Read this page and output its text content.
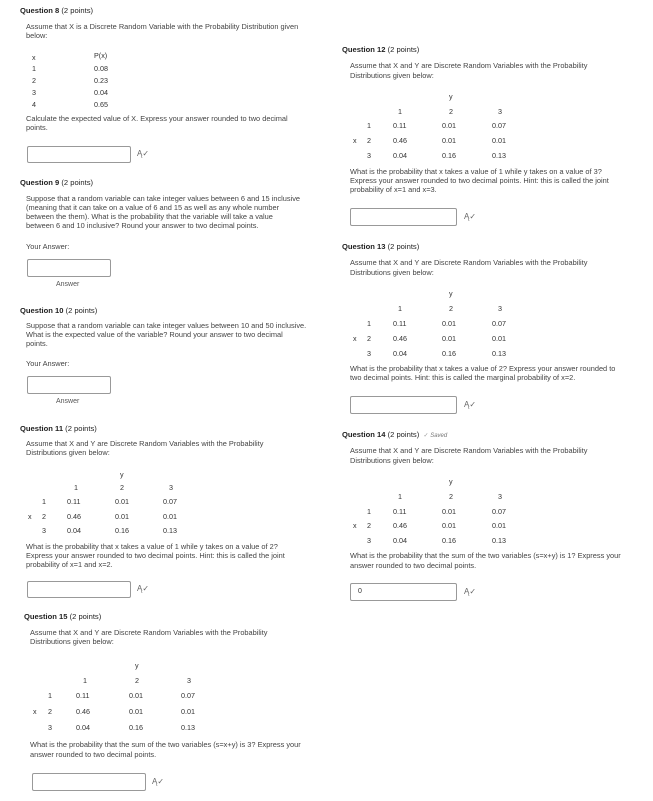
Question 8 (2 points)
Assume that X is a Discrete Random Variable with the Probability Distribution given
below:
x	P(x)
1	0.08
2	0.23
3	0.04
4	0.65
Calculate the expected value of X. Express your answer rounded to two decimal
points.
Ą✓
Question 9 (2 points)
Suppose that a random variable can take integer values between 6 and 15 inclusive
(meaning that it can take on a value of 6 and 15 as well as any whole number
between the them). What is the probability that the variable will take a value
between 6 and 10 inclusive? Round your answer to two decimal points.
Your Answer:
Answer
Question 10 (2 points)
Suppose that a random variable can take integer values between 10 and 50 inclusive.
What is the expected value of the variable? Round your answer to two decimal
points.
Your Answer:
Answer
Question 11 (2 points)
Assume that X and Y are Discrete Random Variables with the Probability
Distributions given below:
y
1	2	3
1	0.11	0.01	0.07
x 2	0.46	0.01	0.01
3	0.04	0.16	0.13
What is the probability that x takes a value of 1 while y takes on a value of 2?
Express your answer rounded to two decimal points. Hint: this is called the joint
probability of x=1 and x=2.
Ą✓
Question 15 (2 points)
Assume that X and Y are Discrete Random Variables with the Probability
Distributions given below:
y
1	2	3
1	0.11	0.01	0.07
x 2	0.46	0.01	0.01
3	0.04	0.16	0.13
What is the probability that the sum of the two variables (s=x+y) is 3? Express your
answer rounded to two decimal points.
Ą✓
Question 12 (2 points)
Assume that X and Y are Discrete Random Variables with the Probability
Distributions given below:
y
1	2	3
1	0.11	0.01	0.07
x 2	0.46	0.01	0.01
3	0.04	0.16	0.13
What is the probability that x takes a value of 1 while y takes on a value of 3?
Express your answer rounded to two decimal points. Hint: this is called the joint
probability of x=1 and x=3.
Ą✓
Question 13 (2 points)
Assume that X and Y are Discrete Random Variables with the Probability
Distributions given below:
y
1	2	3
1	0.11	0.01	0.07
x 2	0.46	0.01	0.01
3	0.04	0.16	0.13
What is the probability that x takes a value of 2? Express your answer rounded to
two decimal points. Hint: this is called the marginal probability of x=2.
Ą✓
Question 14 (2 points) ✓ Saved
Assume that X and Y are Discrete Random Variables with the Probability
Distributions given below:
y
1	2	3
1	0.11	0.01	0.07
x 2	0.46	0.01	0.01
3	0.04	0.16	0.13
What is the probability that the sum of the two variables (s=x+y) is 1? Express your
answer rounded to two decimal points.
0	Ą✓
